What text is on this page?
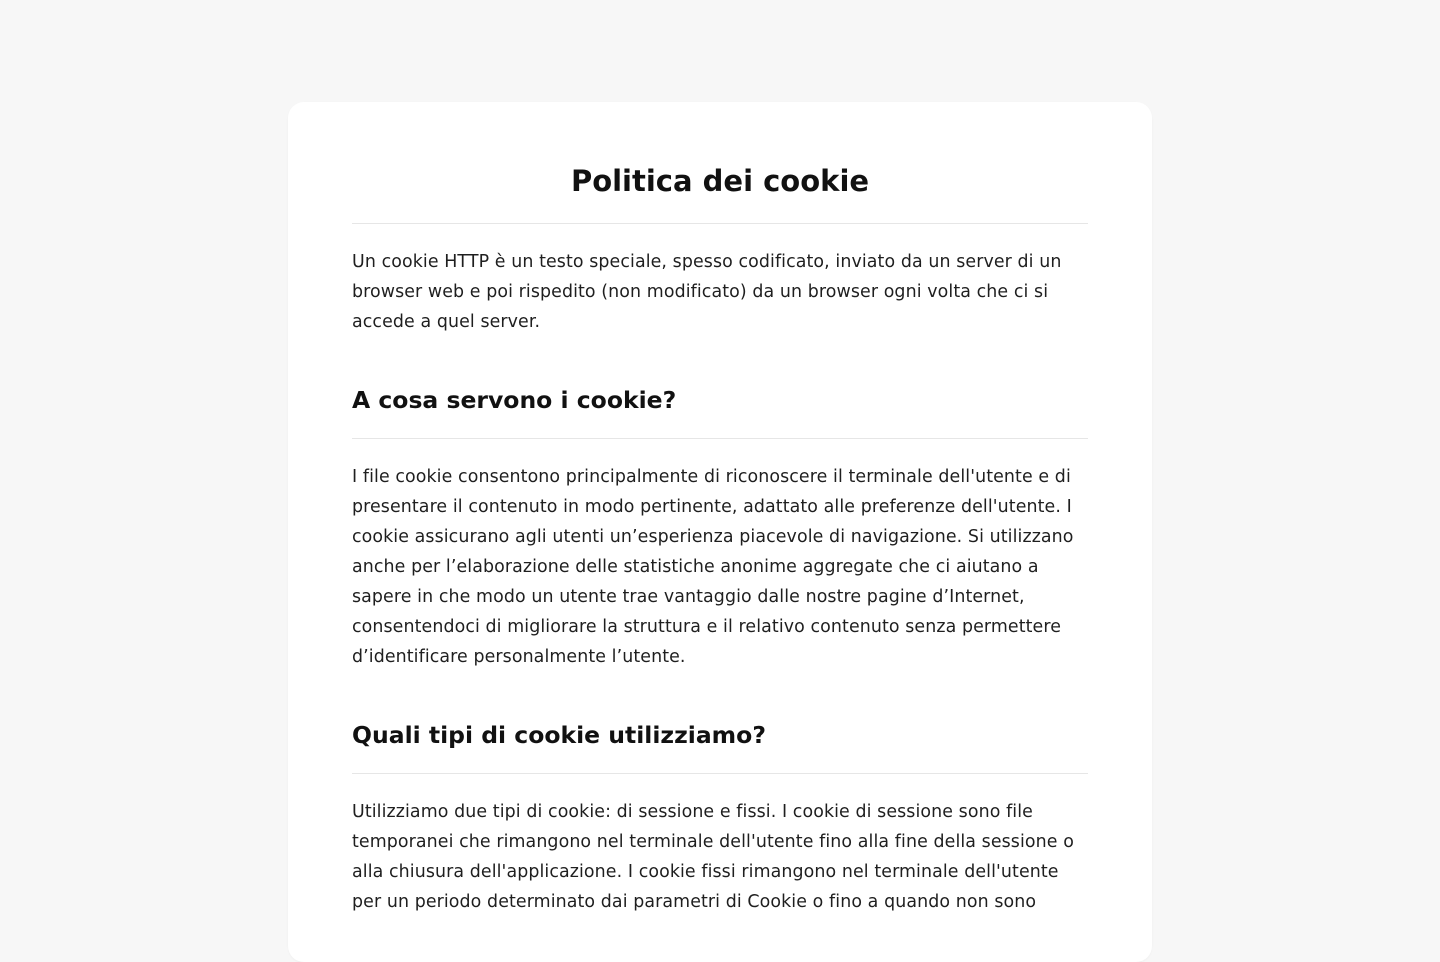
Politica dei cookie

Un cookie HTTP è un testo speciale, spesso codificato, inviato da un server di un browser web e poi rispedito (non modificato) da un browser ogni volta che ci si accede a quel server.

A cosa servono i cookie?

I file cookie consentono principalmente di riconoscere il terminale dell'utente e di presentare il contenuto in modo pertinente, adattato alle preferenze dell'utente. I cookie assicurano agli utenti un’esperienza piacevole di navigazione. Si utilizzano anche per l’elaborazione delle statistiche anonime aggregate che ci aiutano a sapere in che modo un utente trae vantaggio dalle nostre pagine d’Internet, consentendoci di migliorare la struttura e il relativo contenuto senza permettere d’identificare personalmente l’utente.

Quali tipi di cookie utilizziamo?

Utilizziamo due tipi di cookie: di sessione e fissi. I cookie di sessione sono file temporanei che rimangono nel terminale dell'utente fino alla fine della sessione o alla chiusura dell'applicazione. I cookie fissi rimangono nel terminale dell'utente per un periodo determinato dai parametri di Cookie o fino a quando non sono
